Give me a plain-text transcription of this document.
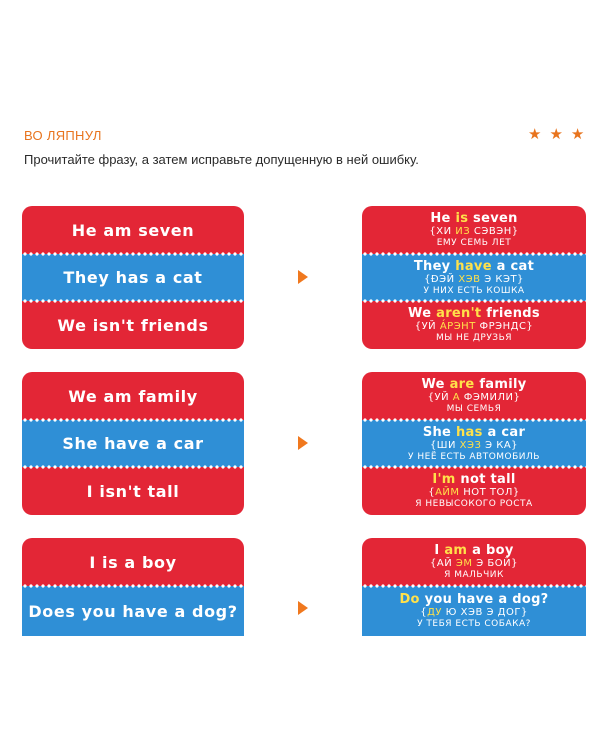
ВО ЛЯПНУЛ	★ ★ ★
Прочитайте фразу, а затем исправьте допущенную в ней ошибку.
He am seven
They has a cat
We isn't friends
He is seven
{ХИ ИЗ СЭВЭН}
ЕМУ СЕМЬ ЛЕТ
They have a cat
{ÐЭЙ ХЭВ Э КЭТ}
У НИХ ЕСТЬ КОШКА
We aren't friends
{УЙ А́РЭНТ ФРЭНДС}
МЫ НЕ ДРУЗЬЯ
We am family
She have a car
I isn't tall
We are family
{УЙ А ФЭМИЛИ}
МЫ СЕМЬЯ
She has a car
{ШИ ХЭЗ Э КА}
У НЕЁ ЕСТЬ АВТОМОБИЛЬ
I'm not tall
{АЙМ НОТ ТОЛ}
Я НЕВЫСОКОГО РОСТА
I is a boy
Does you have a dog?
I am a boy
{АЙ ЭМ Э БОЙ}
Я МАЛЬЧИК
Do you have a dog?
{ДУ Ю ХЭВ Э ДОГ}
У ТЕБЯ ЕСТЬ СОБАКА?
